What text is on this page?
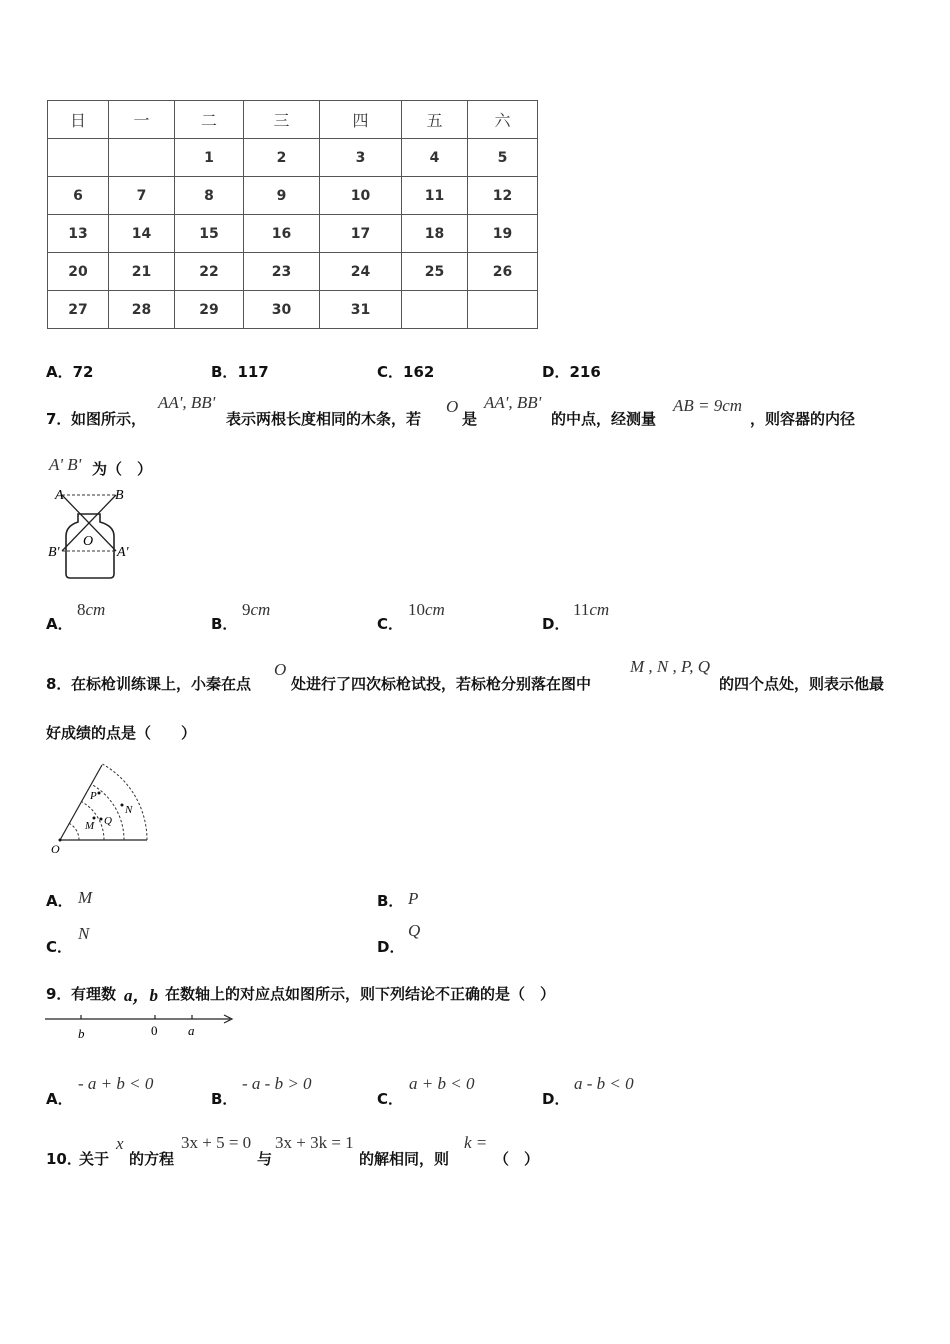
日	一	二	三	四	五	六
		1	2	3	4	5
6	7	8	9	10	11	12
13	14	15	16	17	18	19
20	21	22	23	24	25	26
27	28	29	30	31		
A．72	B．117	C．162	D．216
7． 如图所示，
AA', BB'
表示两根长度相同的木条，若
O
是
AA', BB'
的中点，经测量
AB = 9cm
，则容器的内径
A' B' 为（　）
A	B
O
B'	A'
A．
8cm
B．
9cm
C．
10cm
D．
11cm
8． 在标枪训练课上，小秦在点
O
处进行了四次标枪试投，若标枪分别落在图中
M , N , P, Q
的四个点处，则表示他最
好成绩的点是（　　）
O
P
N
M Q
A． M	B． P
C．
N
D．
Q
9． 有理数 a，b 在数轴上的对应点如图所示，则下列结论不正确的是（　）
b	0 a
A．
- a + b < 0
B．
- a - b > 0
C．
a + b < 0
D．
a - b < 0
10．
关于
x
的方程
3x + 5 = 0
与
3x + 3k = 1
的解相同，则
k =
（　）
